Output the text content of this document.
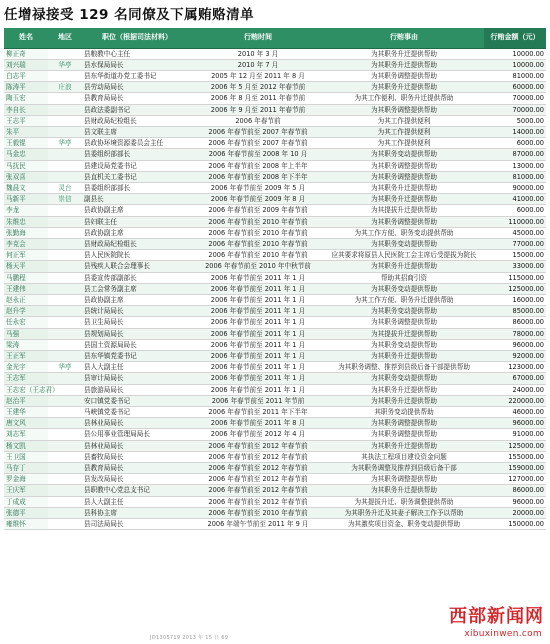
任增禄接受 129 名同僚及下属贿赂清单
姓名	地区	职位（根据司法材料）	行贿时间	行贿事由	行贿金额（元）
柳正奇		县粮教中心主任	2010 年 3 月	为其职务升迁提供帮助	10000.00
刘兴瑞	华亭	县水保局局长	2010 年 7 月	为其职务升迁提供帮助	10000.00
白志平		县东华街道办党工委书记	2005 年 12 月至 2011 年 8 月	为其职务调整提供帮助	81000.00
陈涛平	庄浪	县劳动局局长	2006 年 5 月至 2012 年春节前	为其职务升迁提供帮助	60000.00
陶玉宏		县教育局局长	2006 年 8 月至 2011 年春节前	为其工作便利、职务升迁提供帮助	70000.00
李自长		县政法委副书记	2006 年 9 月至 2011 年春节前	为其职务调整提供帮助	70000.00
王志平		县财政局纪检组长	2006 年春节前	为其工作提供便利	5000.00
朱平		县文联主席	2006 年春节前至 2007 年春节前	为其工作提供便利	14000.00
王毅锟	华亭	县政协环境资源委员会主任	2006 年春节前至 2007 年春节前	为其工作提供便利	6000.00
马金忠		县委组织部部长	2006 年春节前至 2008 年 10 月	为其职务变动提供帮助	87000.00
马抚民		县建设局党委书记	2006 年春节前至 2008 年上半年	为其职务调整提供帮助	13000.00
张双喜		县直机关工委书记	2006 年春节前至 2008 年下半年	为其职务调整提供帮助	81000.00
魏晨文	灵台	县委组织部部长	2006 年春节前至 2009 年 5 月	为其职务升迁提供帮助	90000.00
马新平	崇信	副县长	2006 年春节前至 2009 年 8 月	为其职务升迁提供帮助	41000.00
李龙		县政协副主席	2006 年春节前至 2009 年春节前	为其提拔升迁提供帮助	6000.00
朱维忠		县妇联主任	2006 年春节前至 2010 年春节前	为其职务调整提供帮助	110000.00
张勤海		县政协副主席	2006 年春节前至 2010 年春节前	为其工作方便、职务变动提供帮助	45000.00
李克会		县财政局纪检组长	2006 年春节前至 2010 年春节前	为其职务变动提供帮助	77000.00
何正军		县人民医院院长	2006 年春节前至 2010 年春节前	应其要求将原县人民医院工会主席后受提拔为院长	15000.00
杨天平		县残疾人联合会理事长	2006 年春节前至 2010 年中秋节前	为其职务升迁提供帮助	33000.00
马鹏程		县委宣传部副部长	2006 年春节前至 2011 年 1 月	帮助其招商引资	115000.00
王建伟		县工会常务副主席	2006 年春节前至 2011 年 1 月	为其职务变动提供帮助	125000.00
赵永正		县政协副主席	2006 年春节前至 2011 年 1 月	为其工作方便、职务升迁提供帮助	16000.00
赵升学		县统计局局长	2006 年春节前至 2011 年 1 月	为其职务变动提供帮助	85000.00
任永宏		县卫生局局长	2006 年春节前至 2011 年 1 月	为其职务调整提供帮助	86000.00
马强		县规划局局长	2006 年春节前至 2011 年 1 月	为其提拔升迁提供帮助	78000.00
梁涛		县国土资源局局长	2006 年春节前至 2011 年 1 月	为其职务变动提供帮助	96000.00
王正军		县东华镇党委书记	2006 年春节前至 2011 年 1 月	为其职务升迁提供帮助	92000.00
金光宇	华亭	县人大副主任	2006 年春节前至 2011 年 1 月	为其职务调整、推荐到县级后备干部提供帮助	123000.00
王志军		县审计局局长	2006 年春节前至 2011 年 1 月	为其职务变动提供帮助	67000.00
王志宏（王志君）		县旅游局局长	2006 年春节前至 2011 年 1 月	为其职务升迁提供帮助	24000.00
赵治平		安口镇党委书记	2006 年春节前至 2011 年节前	为其职务升迁提供帮助	220000.00
王建华		马峡镇党委书记	2006 年春节前至 2011 年下半年	其职务变动提供帮助	46000.00
唐文风		县林业局局长	2006 年春节前至 2011 年 8 月	为其职务调整提供帮助	96000.00
刘志军		县公用事业管理局局长	2006 年春节前至 2012 年 4 月	为其职务调整提供帮助	91000.00
杨文凯		县林业局局长	2006 年春节前至 2012 年春节前	为其职务升迁提供帮助	125000.00
王卫国		县畜牧局局长	2006 年春节前至 2012 年春节前	其执法工程项目建设资金问题	155000.00
马存丁		县教育局局长	2006 年春节前至 2012 年春节前	为其职务调整及推荐到县级后备干部	159000.00
罗金海		县发改局局长	2006 年春节前至 2012 年春节前	为其职务调整提供帮助	127000.00
王庆军		县职教中心党总支书记	2006 年春节前至 2012 年春节前	为其职务升迁提供帮助	86000.00
丁成成		县人大副主任	2006 年春节前至 2012 年春节前	为其提拔升迁、职务调整提供帮助	96000.00
张德平		县科协主席	2006 年春节前至 2010 年春节前	为其职务升迁及其妻子解决工作予以帮助	20000.00
雍维怀		县司法局局长	2006 年端午节前至 2011 年 9 月	为其激奖项目资金、职务变动提供帮助	150000.00
JO1305719 2013 年 15 日 69
西部新闻网
xibuxinwen.com
